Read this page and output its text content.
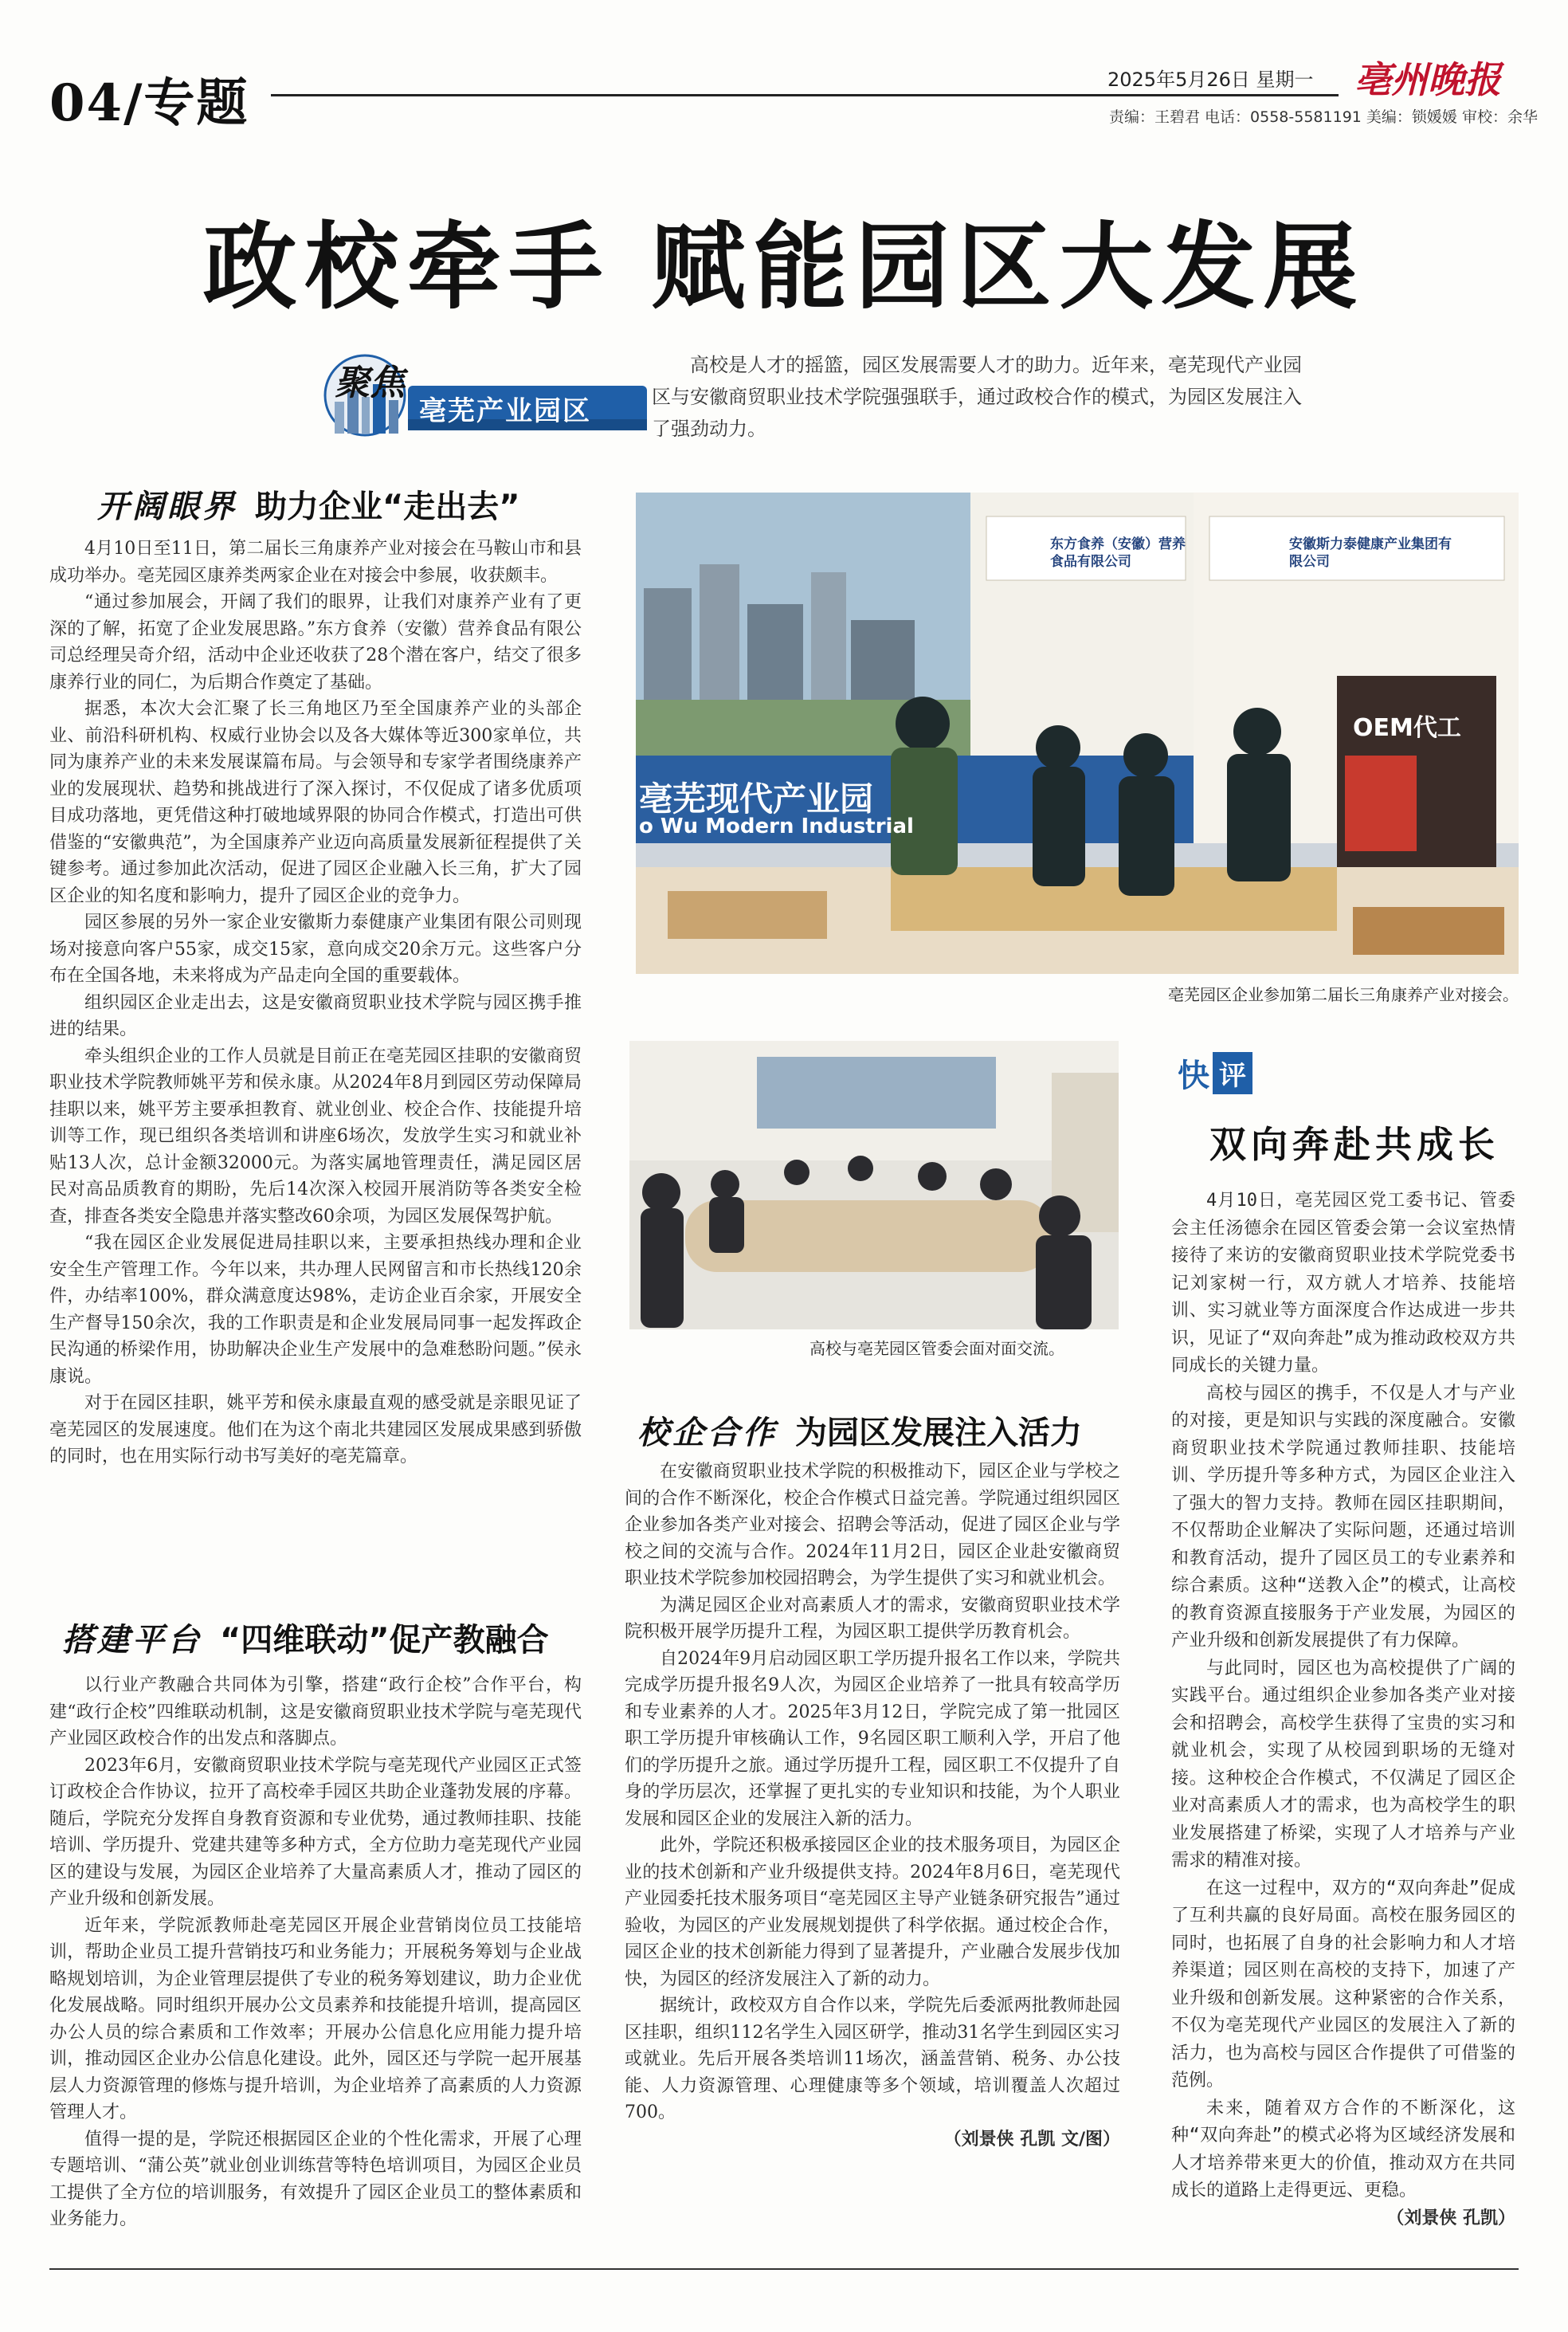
04/专题	2025年5月26日 星期一 亳州晚报
责编：王碧君 电话：0558-5581191 美编：锁媛媛 审校：余华
政校牵手 赋能园区大发展
聚焦
亳芜产业园区
高校是人才的摇篮，园区发展需要人才的助力。近年来，亳芜现代产业园区与安徽商贸职业技术学院强强联手，通过政校合作的模式，为园区发展注入了强劲动力。
开阔眼界 助力企业“走出去”

4月10日至11日，第二届长三角康养产业对接会在马鞍山市和县成功举办。亳芜园区康养类两家企业在对接会中参展，收获颇丰。

“通过参加展会，开阔了我们的眼界，让我们对康养产业有了更深的了解，拓宽了企业发展思路。”东方食养（安徽）营养食品有限公司总经理吴奇介绍，活动中企业还收获了28个潜在客户，结交了很多康养行业的同仁，为后期合作奠定了基础。

据悉，本次大会汇聚了长三角地区乃至全国康养产业的头部企业、前沿科研机构、权威行业协会以及各大媒体等近300家单位，共同为康养产业的未来发展谋篇布局。与会领导和专家学者围绕康养产业的发展现状、趋势和挑战进行了深入探讨，不仅促成了诸多优质项目成功落地，更凭借这种打破地域界限的协同合作模式，打造出可供借鉴的“安徽典范”，为全国康养产业迈向高质量发展新征程提供了关键参考。通过参加此次活动，促进了园区企业融入长三角，扩大了园区企业的知名度和影响力，提升了园区企业的竞争力。

园区参展的另外一家企业安徽斯力泰健康产业集团有限公司则现场对接意向客户55家，成交15家，意向成交20余万元。这些客户分布在全国各地，未来将成为产品走向全国的重要载体。

组织园区企业走出去，这是安徽商贸职业技术学院与园区携手推进的结果。

牵头组织企业的工作人员就是目前正在亳芜园区挂职的安徽商贸职业技术学院教师姚平芳和侯永康。从2024年8月到园区劳动保障局挂职以来，姚平芳主要承担教育、就业创业、校企合作、技能提升培训等工作，现已组织各类培训和讲座6场次，发放学生实习和就业补贴13人次，总计金额32000元。为落实属地管理责任，满足园区居民对高品质教育的期盼，先后14次深入校园开展消防等各类安全检查，排查各类安全隐患并落实整改60余项，为园区发展保驾护航。

“我在园区企业发展促进局挂职以来，主要承担热线办理和企业安全生产管理工作。今年以来，共办理人民网留言和市长热线120余件，办结率100%，群众满意度达98%，走访企业百余家，开展安全生产督导150余次，我的工作职责是和企业发展局同事一起发挥政企民沟通的桥梁作用，协助解决企业生产发展中的急难愁盼问题。”侯永康说。

对于在园区挂职，姚平芳和侯永康最直观的感受就是亲眼见证了亳芜园区的发展速度。他们在为这个南北共建园区发展成果感到骄傲的同时，也在用实际行动书写美好的亳芜篇章。

搭建平台 “四维联动”促产教融合

以行业产教融合共同体为引擎，搭建“政行企校”合作平台，构建“政行企校”四维联动机制，这是安徽商贸职业技术学院与亳芜现代产业园区政校合作的出发点和落脚点。

2023年6月，安徽商贸职业技术学院与亳芜现代产业园区正式签订政校企合作协议，拉开了高校牵手园区共助企业蓬勃发展的序幕。随后，学院充分发挥自身教育资源和专业优势，通过教师挂职、技能培训、学历提升、党建共建等多种方式，全方位助力亳芜现代产业园区的建设与发展，为园区企业培养了大量高素质人才，推动了园区的产业升级和创新发展。

近年来，学院派教师赴亳芜园区开展企业营销岗位员工技能培训，帮助企业员工提升营销技巧和业务能力；开展税务筹划与企业战略规划培训，为企业管理层提供了专业的税务筹划建议，助力企业优化发展战略。同时组织开展办公文员素养和技能提升培训，提高园区办公人员的综合素质和工作效率；开展办公信息化应用能力提升培训，推动园区企业办公信息化建设。此外，园区还与学院一起开展基层人力资源管理的修炼与提升培训，为企业培养了高素质的人力资源管理人才。

值得一提的是，学院还根据园区企业的个性化需求，开展了心理专题培训、“蒲公英”就业创业训练营等特色培训项目，为园区企业员工提供了全方位的培训服务，有效提升了园区企业员工的整体素质和业务能力。

东方食养（安徽）营养食品有限公司
安徽斯力泰健康产业集团有限公司
亳芜现代产业园
o Wu Modern Industrial
OEM代工
亳芜园区企业参加第二届长三角康养产业对接会。
高校与亳芜园区管委会面对面交流。
校企合作 为园区发展注入活力

在安徽商贸职业技术学院的积极推动下，园区企业与学校之间的合作不断深化，校企合作模式日益完善。学院通过组织园区企业参加各类产业对接会、招聘会等活动，促进了园区企业与学校之间的交流与合作。2024年11月2日，园区企业赴安徽商贸职业技术学院参加校园招聘会，为学生提供了实习和就业机会。

为满足园区企业对高素质人才的需求，安徽商贸职业技术学院积极开展学历提升工程，为园区职工提供学历教育机会。

自2024年9月启动园区职工学历提升报名工作以来，学院共完成学历提升报名9人次，为园区企业培养了一批具有较高学历和专业素养的人才。2025年3月12日，学院完成了第一批园区职工学历提升审核确认工作，9名园区职工顺利入学，开启了他们的学历提升之旅。通过学历提升工程，园区职工不仅提升了自身的学历层次，还掌握了更扎实的专业知识和技能，为个人职业发展和园区企业的发展注入新的活力。

此外，学院还积极承接园区企业的技术服务项目，为园区企业的技术创新和产业升级提供支持。2024年8月6日，亳芜现代产业园委托技术服务项目“亳芜园区主导产业链条研究报告”通过验收，为园区的产业发展规划提供了科学依据。通过校企合作，园区企业的技术创新能力得到了显著提升，产业融合发展步伐加快，为园区的经济发展注入了新的动力。

据统计，政校双方自合作以来，学院先后委派两批教师赴园区挂职，组织112名学生入园区研学，推动31名学生到园区实习或就业。先后开展各类培训11场次，涵盖营销、税务、办公技能、人力资源管理、心理健康等多个领域，培训覆盖人次超过700。

（刘景侠 孔凯 文/图）
快 评
双向奔赴共成长

4月10日，亳芜园区党工委书记、管委会主任汤德余在园区管委会第一会议室热情接待了来访的安徽商贸职业技术学院党委书记刘家树一行，双方就人才培养、技能培训、实习就业等方面深度合作达成进一步共识，见证了“双向奔赴”成为推动政校双方共同成长的关键力量。

高校与园区的携手，不仅是人才与产业的对接，更是知识与实践的深度融合。安徽商贸职业技术学院通过教师挂职、技能培训、学历提升等多种方式，为园区企业注入了强大的智力支持。教师在园区挂职期间，不仅帮助企业解决了实际问题，还通过培训和教育活动，提升了园区员工的专业素养和综合素质。这种“送教入企”的模式，让高校的教育资源直接服务于产业发展，为园区的产业升级和创新发展提供了有力保障。

与此同时，园区也为高校提供了广阔的实践平台。通过组织企业参加各类产业对接会和招聘会，高校学生获得了宝贵的实习和就业机会，实现了从校园到职场的无缝对接。这种校企合作模式，不仅满足了园区企业对高素质人才的需求，也为高校学生的职业发展搭建了桥梁，实现了人才培养与产业需求的精准对接。

在这一过程中，双方的“双向奔赴”促成了互利共赢的良好局面。高校在服务园区的同时，也拓展了自身的社会影响力和人才培养渠道；园区则在高校的支持下，加速了产业升级和创新发展。这种紧密的合作关系，不仅为亳芜现代产业园区的发展注入了新的活力，也为高校与园区合作提供了可借鉴的范例。

未来，随着双方合作的不断深化，这种“双向奔赴”的模式必将为区域经济发展和人才培养带来更大的价值，推动双方在共同成长的道路上走得更远、更稳。

（刘景侠 孔凯）
